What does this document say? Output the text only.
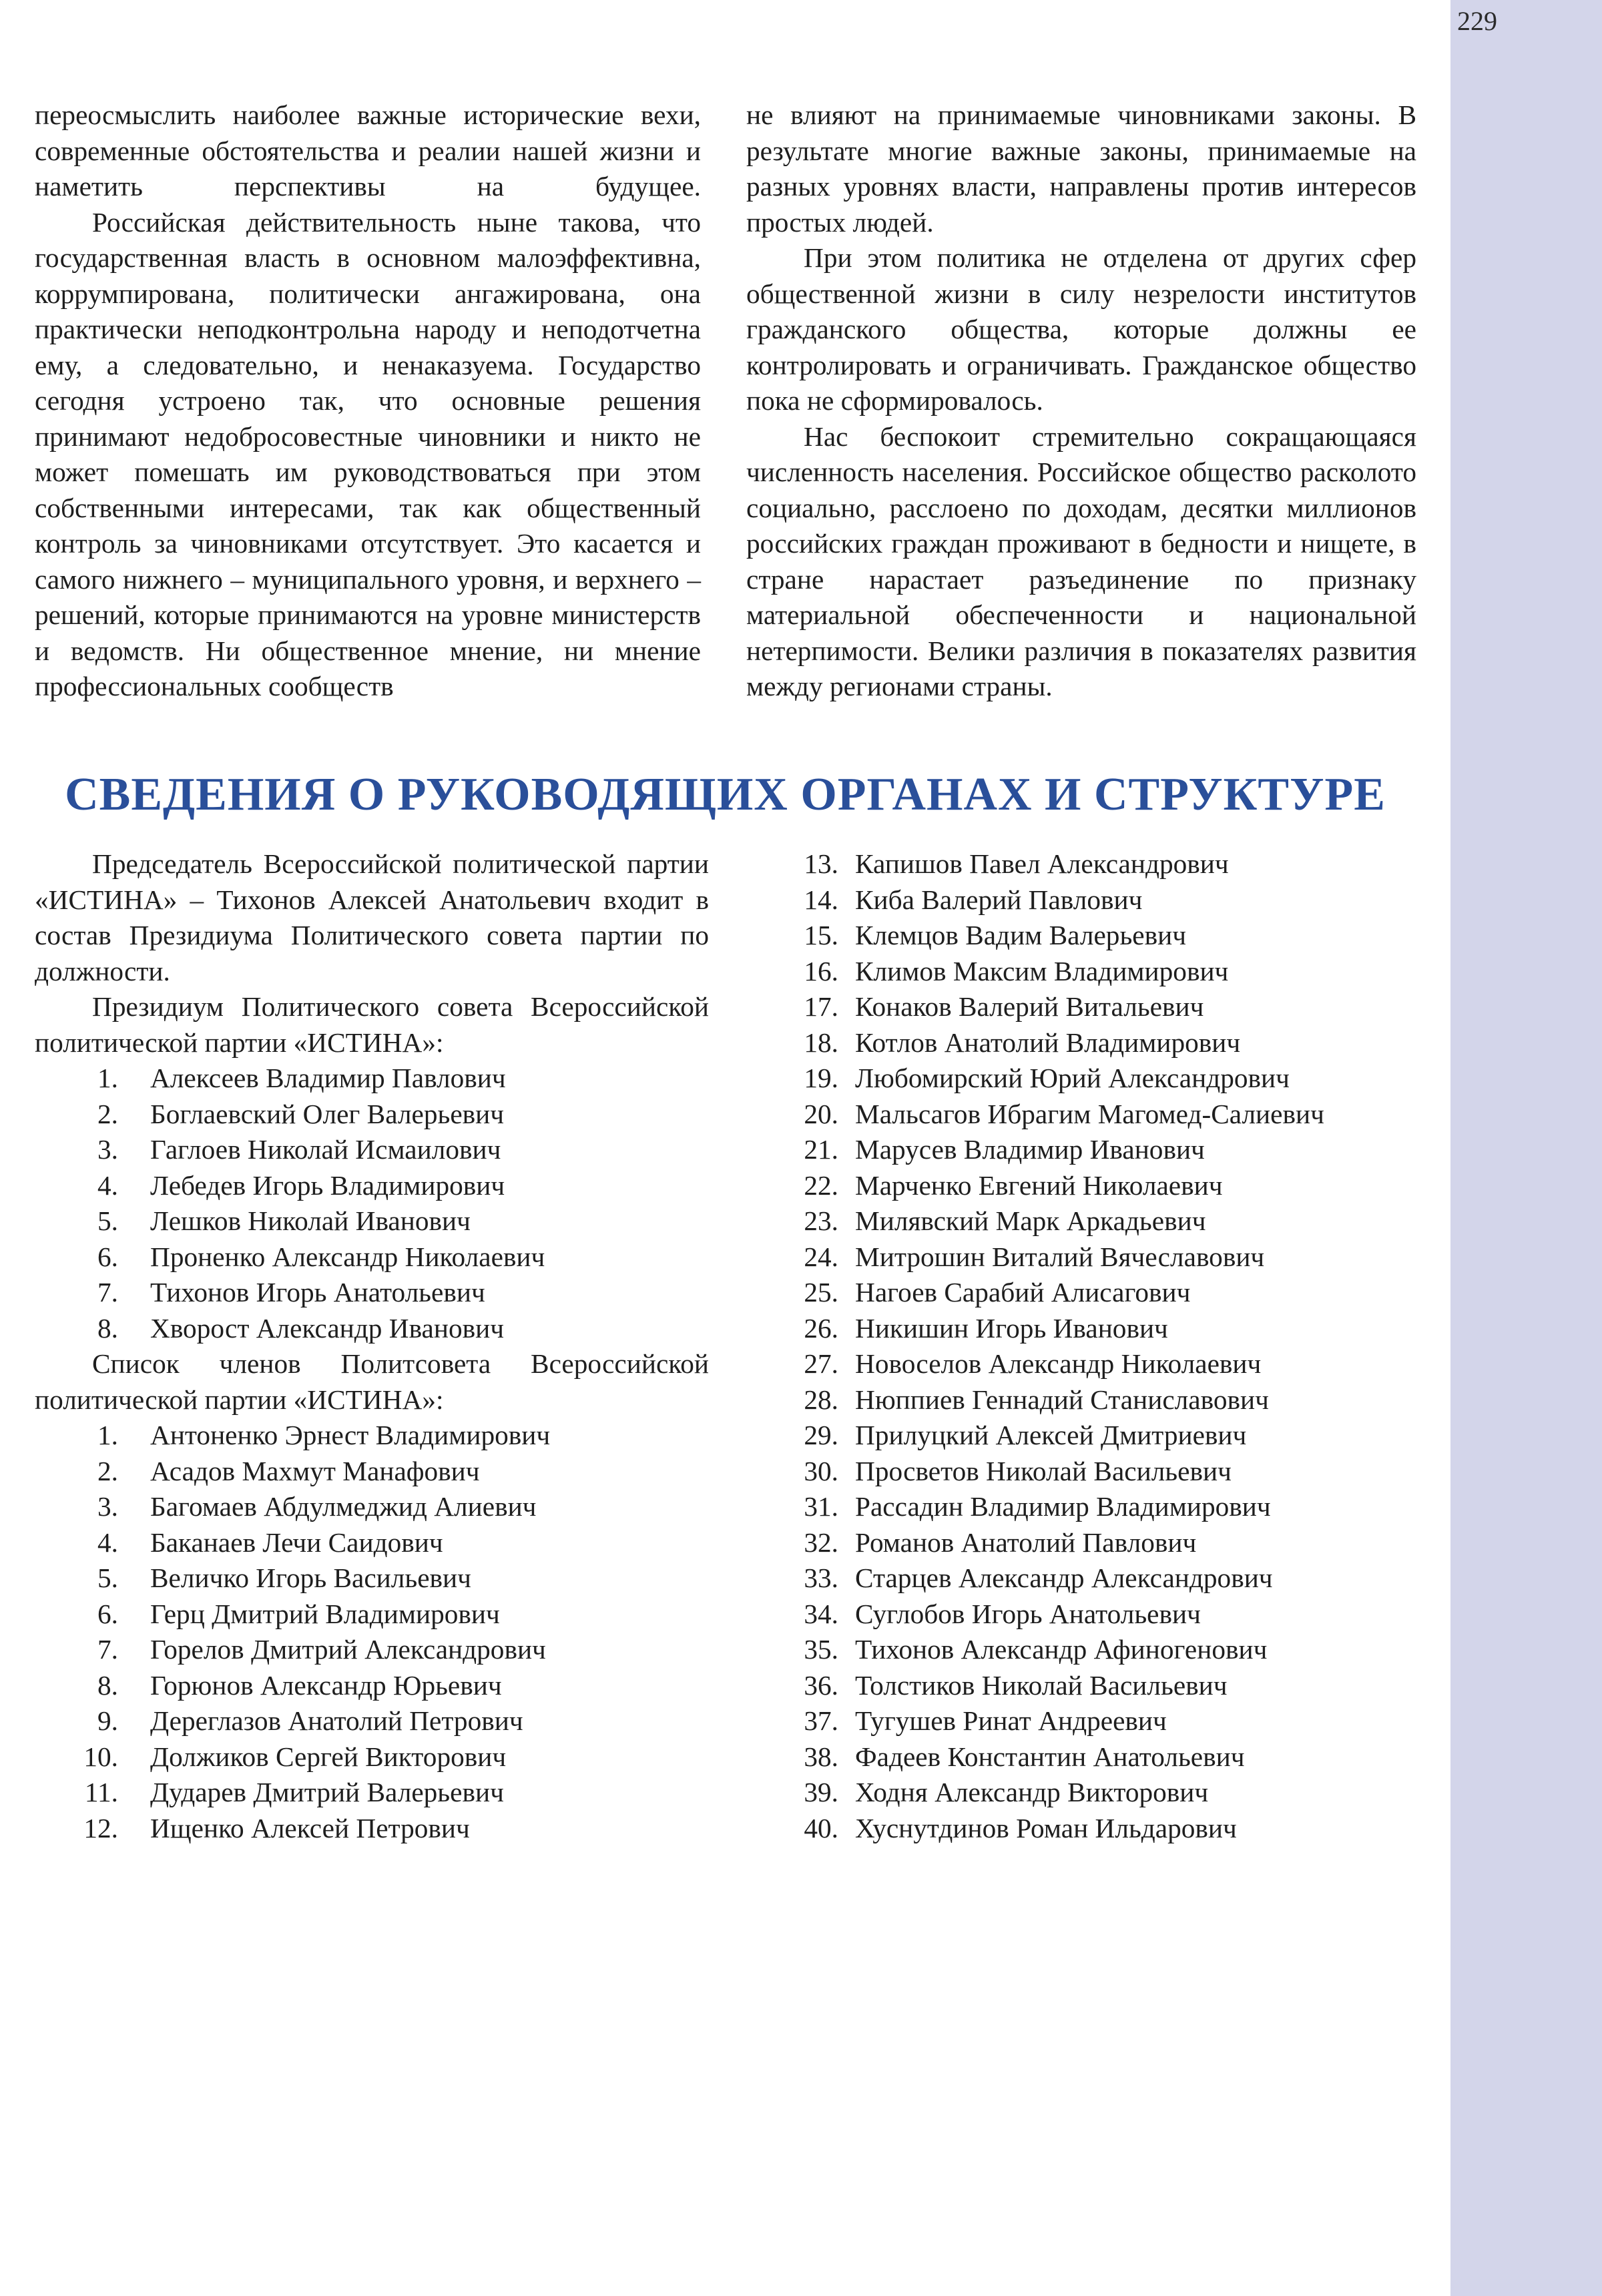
229

переосмыслить наиболее важные исторические вехи, современные обстоятельства и реалии нашей жизни и наметить перспективы на будущее.

Российская действительность ныне такова, что государственная власть в основном малоэффективна, коррумпирована, политически ангажирована, она практически неподконтрольна народу и неподотчетна ему, а следовательно, и ненаказуема. Государство сегодня устроено так, что основные решения принимают недобросовестные чиновники и никто не может помешать им руководствоваться при этом собственными интересами, так как общественный контроль за чиновниками отсутствует. Это касается и самого нижнего – муниципального уровня, и верхнего – решений, которые принимаются на уровне министерств и ведомств. Ни общественное мнение, ни мнение профессиональных сообществ

не влияют на принимаемые чиновниками законы. В результате многие важные законы, принимаемые на разных уровнях власти, направлены против интересов простых людей.

При этом политика не отделена от других сфер общественной жизни в силу незрелости институтов гражданского общества, которые должны ее контролировать и ограничивать. Гражданское общество пока не сформировалось.

Нас беспокоит стремительно сокращающаяся численность населения. Российское общество расколото социально, расслоено по доходам, десятки миллионов российских граждан проживают в бедности и нищете, в стране нарастает разъединение по признаку материальной обеспеченности и национальной нетерпимости. Велики различия в показателях развития между регионами страны.

СВЕДЕНИЯ О РУКОВОДЯЩИХ ОРГАНАХ И СТРУКТУРЕ

Председатель Всероссийской политической партии «ИСТИНА» – Тихонов Алексей Анатольевич входит в состав Президиума Политического совета партии по должности.

Президиум Политического совета Всероссийской политической партии «ИСТИНА»:

1.	Алексеев Владимир Павлович
2.	Боглаевский Олег Валерьевич
3.	Гаглоев Николай Исмаилович
4.	Лебедев Игорь Владимирович
5.	Лешков Николай Иванович
6.	Проненко Александр Николаевич
7.	Тихонов Игорь Анатольевич
8.	Хворост Александр Иванович

Список членов Политсовета Всероссийской политической партии «ИСТИНА»:

1.	Антоненко Эрнест Владимирович
2.	Асадов Махмут Манафович
3.	Багомаев Абдулмеджид Алиевич
4.	Баканаев Лечи Саидович
5.	Величко Игорь Васильевич
6.	Герц Дмитрий Владимирович
7.	Горелов Дмитрий Александрович
8.	Горюнов Александр Юрьевич
9.	Дереглазов Анатолий Петрович
10.	Должиков Сергей Викторович
11.	Дударев Дмитрий Валерьевич
12.	Ищенко Алексей Петрович
13. Капишов Павел Александрович
14. Киба Валерий Павлович
15. Клемцов Вадим Валерьевич
16. Климов Максим Владимирович
17. Конаков Валерий Витальевич
18. Котлов Анатолий Владимирович
19. Любомирский Юрий Александрович
20. Мальсагов Ибрагим Магомед-Салиевич
21. Марусев Владимир Иванович
22. Марченко Евгений Николаевич
23. Милявский Марк Аркадьевич
24. Митрошин Виталий Вячеславович
25. Нагоев Сарабий Алисагович
26. Никишин Игорь Иванович
27. Новоселов Александр Николаевич
28. Нюппиев Геннадий Станиславович
29. Прилуцкий Алексей Дмитриевич
30. Просветов Николай Васильевич
31. Рассадин Владимир Владимирович
32. Романов Анатолий Павлович
33. Старцев Александр Александрович
34. Суглобов Игорь Анатольевич
35. Тихонов Александр Афиногенович
36. Толстиков Николай Васильевич
37. Тугушев Ринат Андреевич
38. Фадеев Константин Анатольевич
39. Ходня Александр Викторович
40. Хуснутдинов Роман Ильдарович
